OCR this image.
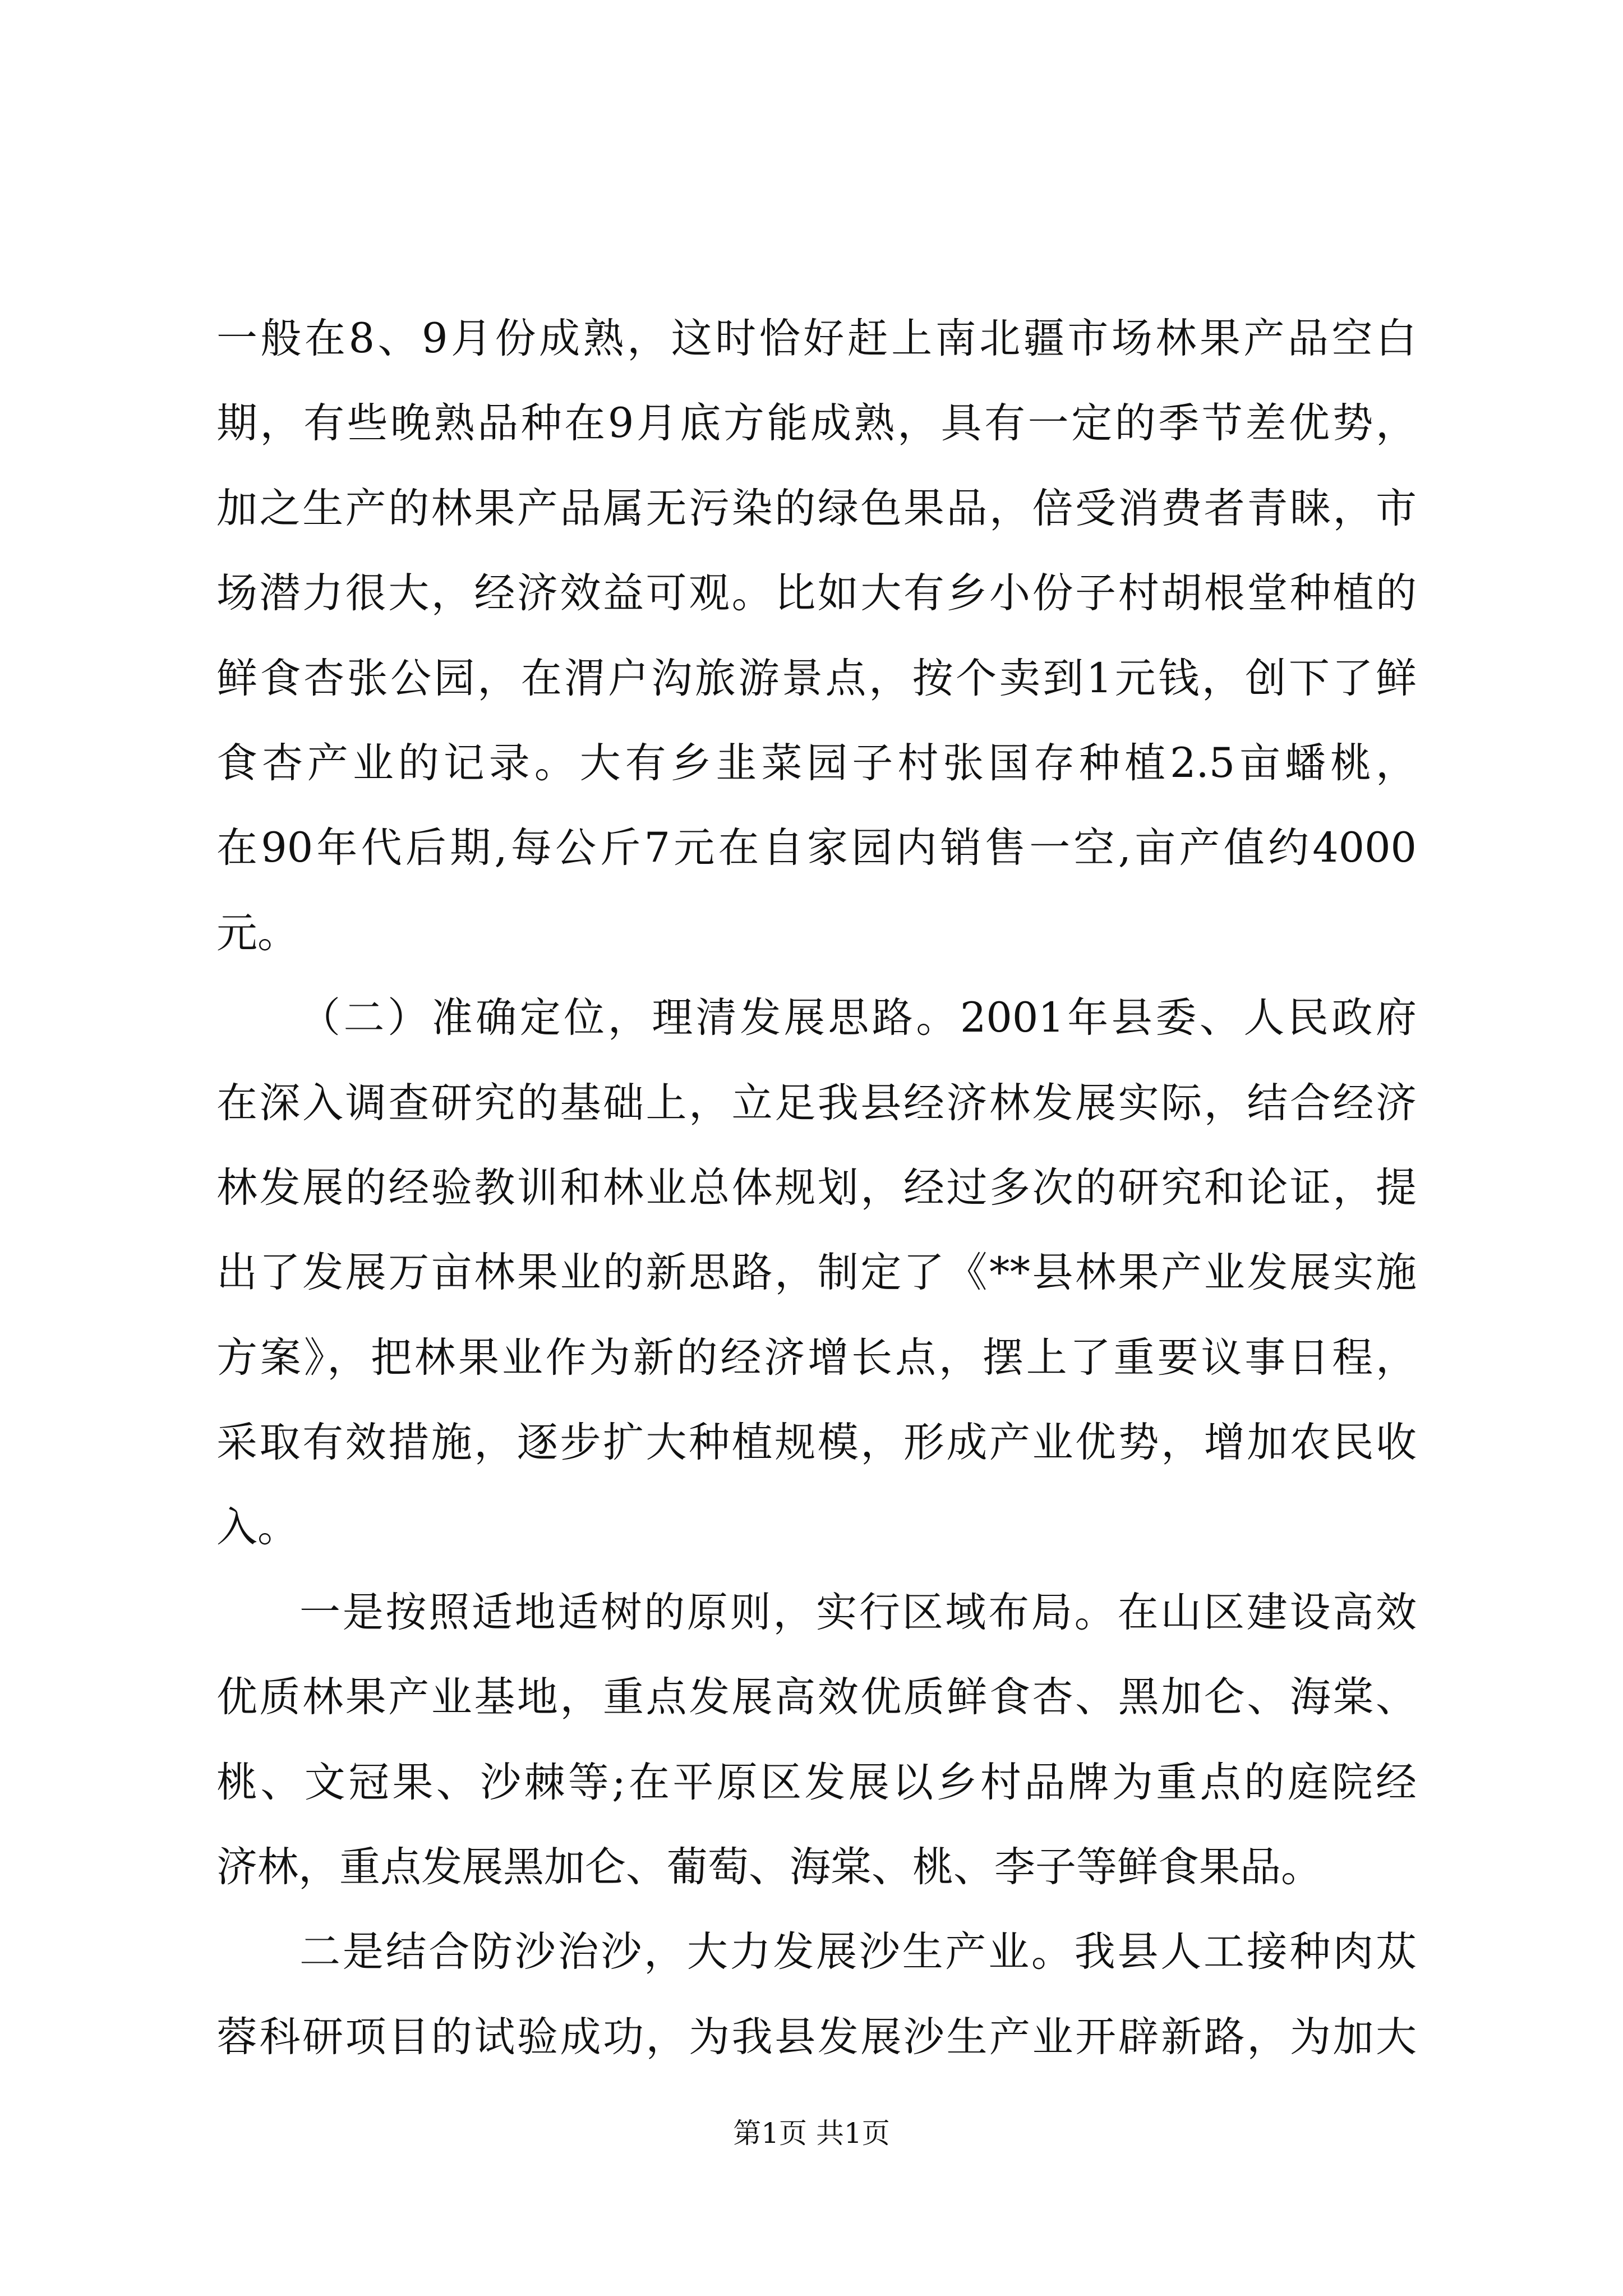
一般在8、9月份成熟，这时恰好赶上南北疆市场林果产品空白
期，有些晚熟品种在9月底方能成熟，具有一定的季节差优势，
加之生产的林果产品属无污染的绿色果品，倍受消费者青睐，市
场潜力很大，经济效益可观。比如大有乡小份子村胡根堂种植的
鲜食杏张公园，在渭户沟旅游景点，按个卖到1元钱，创下了鲜
食杏产业的记录。大有乡韭菜园子村张国存种植2.5亩蟠桃，
在90年代后期,每公斤7元在自家园内销售一空,亩产值约4000
元。
（二）准确定位，理清发展思路。2001年县委、人民政府
在深入调查研究的基础上，立足我县经济林发展实际，结合经济
林发展的经验教训和林业总体规划，经过多次的研究和论证，提
出了发展万亩林果业的新思路，制定了《**县林果产业发展实施
方案》，把林果业作为新的经济增长点，摆上了重要议事日程，
采取有效措施，逐步扩大种植规模，形成产业优势，增加农民收
入。
一是按照适地适树的原则，实行区域布局。在山区建设高效
优质林果产业基地，重点发展高效优质鲜食杏、黑加仑、海棠、
桃、文冠果、沙棘等;在平原区发展以乡村品牌为重点的庭院经
济林，重点发展黑加仑、葡萄、海棠、桃、李子等鲜食果品。
二是结合防沙治沙，大力发展沙生产业。我县人工接种肉苁
蓉科研项目的试验成功，为我县发展沙生产业开辟新路，为加大
第1页 共1页
